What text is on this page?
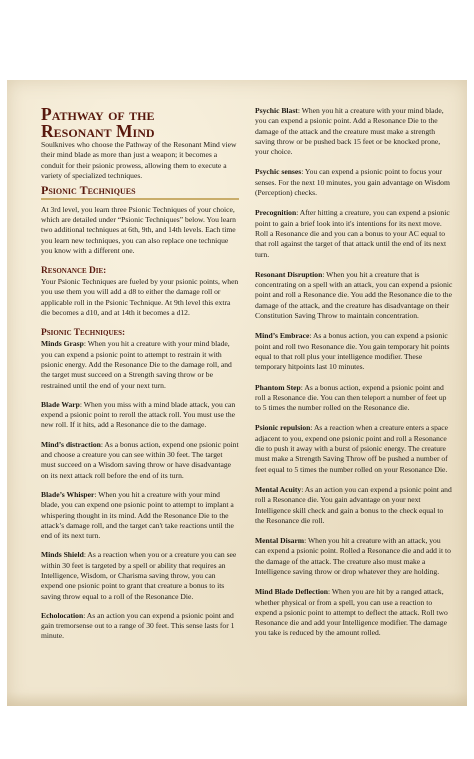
Pathway of the
Resonant Mind

Soulknives who choose the Pathway of the Resonant Mind view their mind blade as more than just a weapon; it becomes a conduit for their psionic prowess, allowing them to execute a variety of specialized techniques.

Psionic Techniques

At 3rd level, you learn three Psionic Techniques of your choice, which are detailed under “Psionic Techniques” below. You learn two additional techniques at 6th, 9th, and 14th levels. Each time you learn new techniques, you can also replace one technique you know with a different one.

Resonance Die:

Your Psionic Techniques are fueled by your psionic points, when you use them you will add a d8 to either the damage roll or applicable roll in the Psionic Technique. At 9th level this extra die becomes a d10, and at 14th it becomes a d12.

Psionic Techniques:

Minds Grasp: When you hit a creature with your mind blade, you can expend a psionic point to attempt to restrain it with psionic energy. Add the Resonance Die to the damage roll, and the target must succeed on a Strength saving throw or be restrained until the end of your next turn.

Blade Warp: When you miss with a mind blade attack, you can expend a psionic point to reroll the attack roll. You must use the new roll. If it hits, add a Resonance die to the damage.

Mind’s distraction: As a bonus action, expend one psionic point and choose a creature you can see within 30 feet. The target must succeed on a Wisdom saving throw or have disadvantage on its next attack roll before the end of its turn.

Blade’s Whisper: When you hit a creature with your mind blade, you can expend one psionic point to attempt to implant a whispering thought in its mind. Add the Resonance Die to the attack’s damage roll, and the target can't take reactions until the end of its next turn.

Minds Shield: As a reaction when you or a creature you can see within 30 feet is targeted by a spell or ability that requires an Intelligence, Wisdom, or Charisma saving throw, you can expend one psionic point to grant that creature a bonus to its saving throw equal to a roll of the Resonance Die.

Echolocation: As an action you can expend a psionic point and gain tremorsense out to a range of 30 feet. This sense lasts for 1 minute.

Psychic Blast: When you hit a creature with your mind blade, you can expend a psionic point. Add a Resonance Die to the damage of the attack and the creature must make a strength saving throw or be pushed back 15 feet or be knocked prone, your choice.

Psychic senses: You can expend a psionic point to focus your senses. For the next 10 minutes, you gain advantage on Wisdom (Perception) checks.

Precognition: After hitting a creature, you can expend a psionic point to gain a brief look into it's intentions for its next move. Roll a Resonance die and you can a bonus to your AC equal to that roll against the target of that attack until the end of its next turn.

Resonant Disruption: When you hit a creature that is concentrating on a spell with an attack, you can expend a psionic point and roll a Resonance die. You add the Resonance die to the damage of the attack, and the creature has disadvantage on their Constitution Saving Throw to maintain concentration.

Mind’s Embrace: As a bonus action, you can expend a psionic point and roll two Resonance die. You gain temporary hit points equal to that roll plus your intelligence modifier. These temporary hitpoints last 10 minutes.

Phantom Step: As a bonus action, expend a psionic point and roll a Resonance die. You can then teleport a number of feet up to 5 times the number rolled on the Resonance die.

Psionic repulsion: As a reaction when a creature enters a space adjacent to you, expend one psionic point and roll a Resonance die to push it away with a burst of psionic energy. The creature must make a Strength Saving Throw off be pushed a number of feet equal to 5 times the number rolled on your Resonance Die.

Mental Acuity: As an action you can expend a psionic point and roll a Resonance die. You gain advantage on your next Intelligence skill check and gain a bonus to the check equal to the Resonance die roll.

Mental Disarm: When you hit a creature with an attack, you can expend a psionic point. Rolled a Resonance die and add it to the damage of the attack. The creature also must make a Intelligence saving throw or drop whatever they are holding.

Mind Blade Deflection: When you are hit by a ranged attack, whether physical or from a spell, you can use a reaction to expend a psionic point to attempt to deflect the attack. Roll two Resonance die and add your Intelligence modifier. The damage you take is reduced by the amount rolled.
